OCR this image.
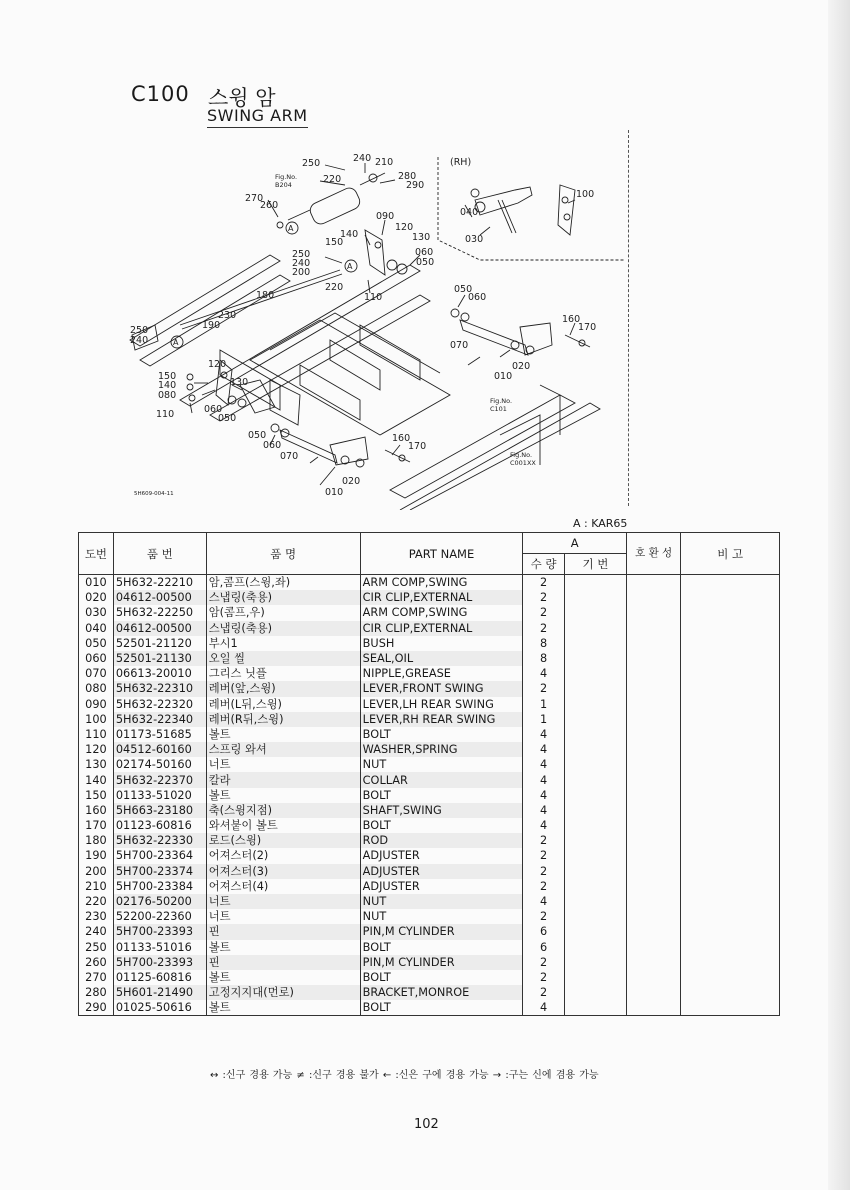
C100 스윙 암
SWING ARM
A
A
A
250	240 210
220	280
290
270
260
090
120
130
140
150
060
050
250
240
200
180
220
110
230
190
250
240
150
140
080
120
130
110	060
050
050
060
070
010
020
160
170
050
060
070
010
020
160
170
040
030
100
(RH)
Fig.No.
B204
Fig.No.
C101
Fig.No.
C001XX
5H609-004-11
A : KAR65
도번	품 번	품 명	PART NAME	A		호 환 성	비 고
				수 량	기 번		
010	5H632-22210	암,콤프(스윙,좌)	ARM COMP,SWING	2			
020	04612-00500	스냅링(축용)	CIR CLIP,EXTERNAL	2			
030	5H632-22250	암(콤프,우)	ARM COMP,SWING	2			
040	04612-00500	스냅링(축용)	CIR CLIP,EXTERNAL	2			
050	52501-21120	부시1	BUSH	8			
060	52501-21130	오일 씰	SEAL,OIL	8			
070	06613-20010	그리스 닛플	NIPPLE,GREASE	4			
080	5H632-22310	레버(앞,스윙)	LEVER,FRONT SWING	2			
090	5H632-22320	레버(L뒤,스윙)	LEVER,LH REAR SWING	1			
100	5H632-22340	레버(R뒤,스윙)	LEVER,RH REAR SWING	1			
110	01173-51685	볼트	BOLT	4			
120	04512-60160	스프링 와셔	WASHER,SPRING	4			
130	02174-50160	너트	NUT	4			
140	5H632-22370	칼라	COLLAR	4			
150	01133-51020	볼트	BOLT	4			
160	5H663-23180	축(스윙지점)	SHAFT,SWING	4			
170	01123-60816	와셔붙이 볼트	BOLT	4			
180	5H632-22330	로드(스윙)	ROD	2			
190	5H700-23364	어져스터(2)	ADJUSTER	2			
200	5H700-23374	어져스터(3)	ADJUSTER	2			
210	5H700-23384	어져스터(4)	ADJUSTER	2			
220	02176-50200	너트	NUT	4			
230	52200-22360	너트	NUT	2			
240	5H700-23393	핀	PIN,M CYLINDER	6			
250	01133-51016	볼트	BOLT	6			
260	5H700-23393	핀	PIN,M CYLINDER	2			
270	01125-60816	볼트	BOLT	2			
280	5H601-21490	고정지지대(먼로)	BRACKET,MONROE	2			
290	01025-50616	볼트	BOLT	4			
↔ :신구 경용 가능 ≠ :신구 경용 불가 ← :신은 구에 경용 가능 → :구는 신에 겸용 가능
102
